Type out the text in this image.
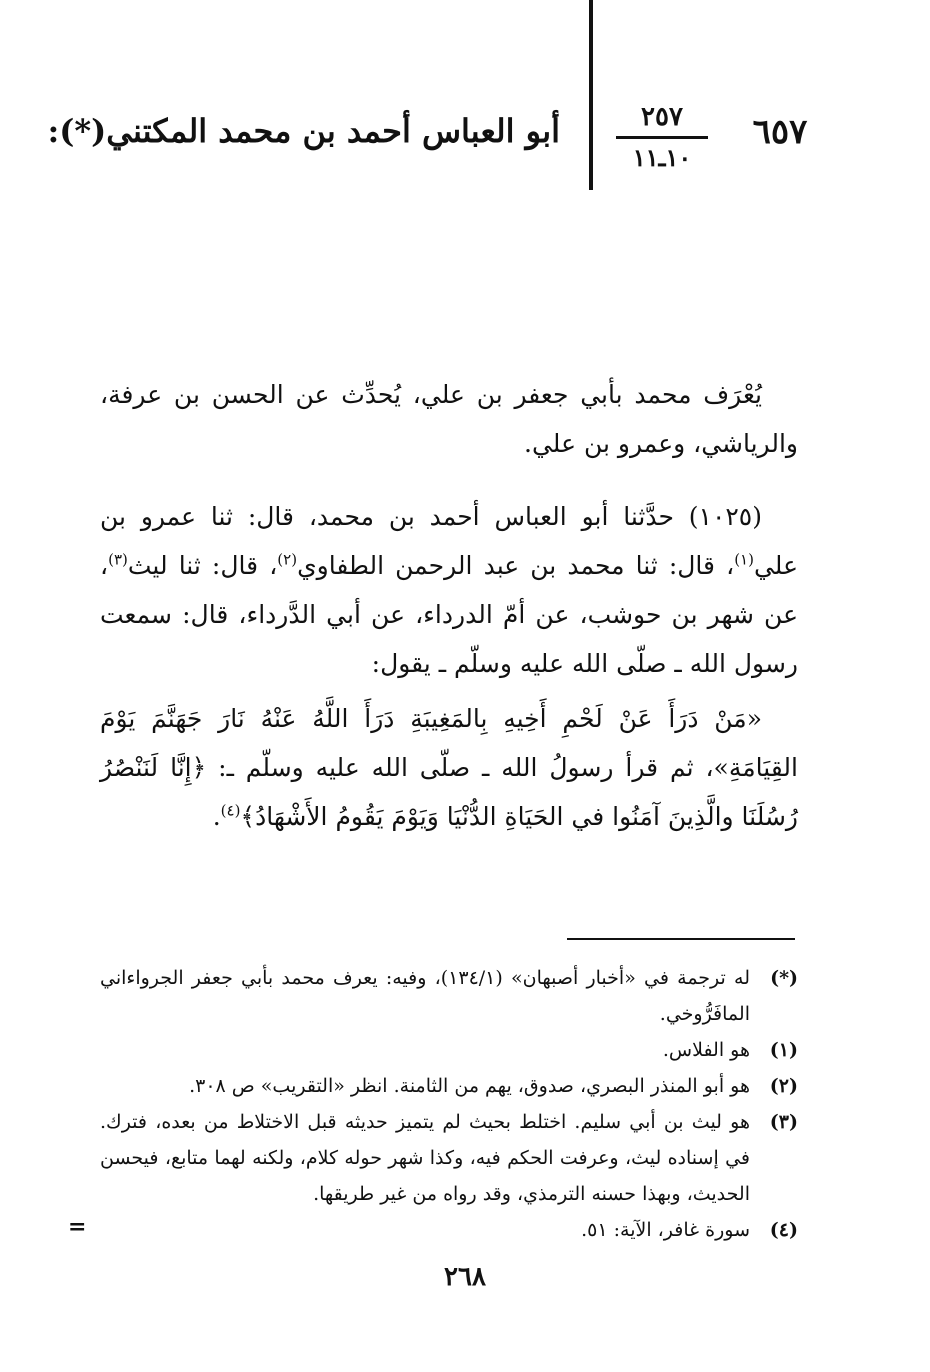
٦٥٧
٢٥٧
١٠ـ١١
أبو العباس أحمد بن محمد المكتني(*):

يُعْرَف محمد بأبي جعفر بن علي، يُحدِّث عن الحسن بن عرفة، والرياشي، وعمرو بن علي.

(١٠٢٥) حدَّثنا أبو العباس أحمد بن محمد، قال: ثنا عمرو بن علي$^{(١)}$، قال: ثنا محمد بن عبد الرحمن الطفاوي$^{(٢)}$، قال: ثنا ليث$^{(٣)}$، عن شهر بن حوشب، عن أمّ الدرداء، عن أبي الدَّرداء، قال: سمعت رسول الله ـ صلّى الله عليه وسلّم ـ يقول:

«مَنْ دَرَأَ عَنْ لَحْمِ أَخِيهِ بِالمَغِيبَةِ دَرَأَ اللَّهُ عَنْهُ نَارَ جَهَنَّمَ يَوْمَ القِيَامَةِ»، ثم قرأ رسولُ الله ـ صلّى الله عليه وسلّم ـ: ﴿إِنَّا لَنَنْصُرُ رُسُلَنَا والَّذِينَ آمَنُوا في الحَيَاةِ الدُّنْيَا وَيَوْمَ يَقُومُ الأَشْهَادُ﴾$^{(٤)}$.

(*)
له ترجمة في «أخبار أصبهان» (١٣٤/١)، وفيه: يعرف محمد بأبي جعفر الجرواءاني المافَرُّوخي.
(١)
هو الفلاس.
(٢)
هو أبو المنذر البصري، صدوق، يهم من الثامنة. انظر «التقريب» ص ٣٠٨.
(٣)
هو ليث بن أبي سليم. اختلط بحيث لم يتميز حديثه قبل الاختلاط من بعده، فترك. في إسناده ليث، وعرفت الحكم فيه، وكذا شهر حوله كلام، ولكنه لهما متابع، فيحسن الحديث، وبهذا حسنه الترمذي، وقد رواه من غير طريقها.
(٤)
سورة غافر، الآية: ٥١.
=
٢٦٨
